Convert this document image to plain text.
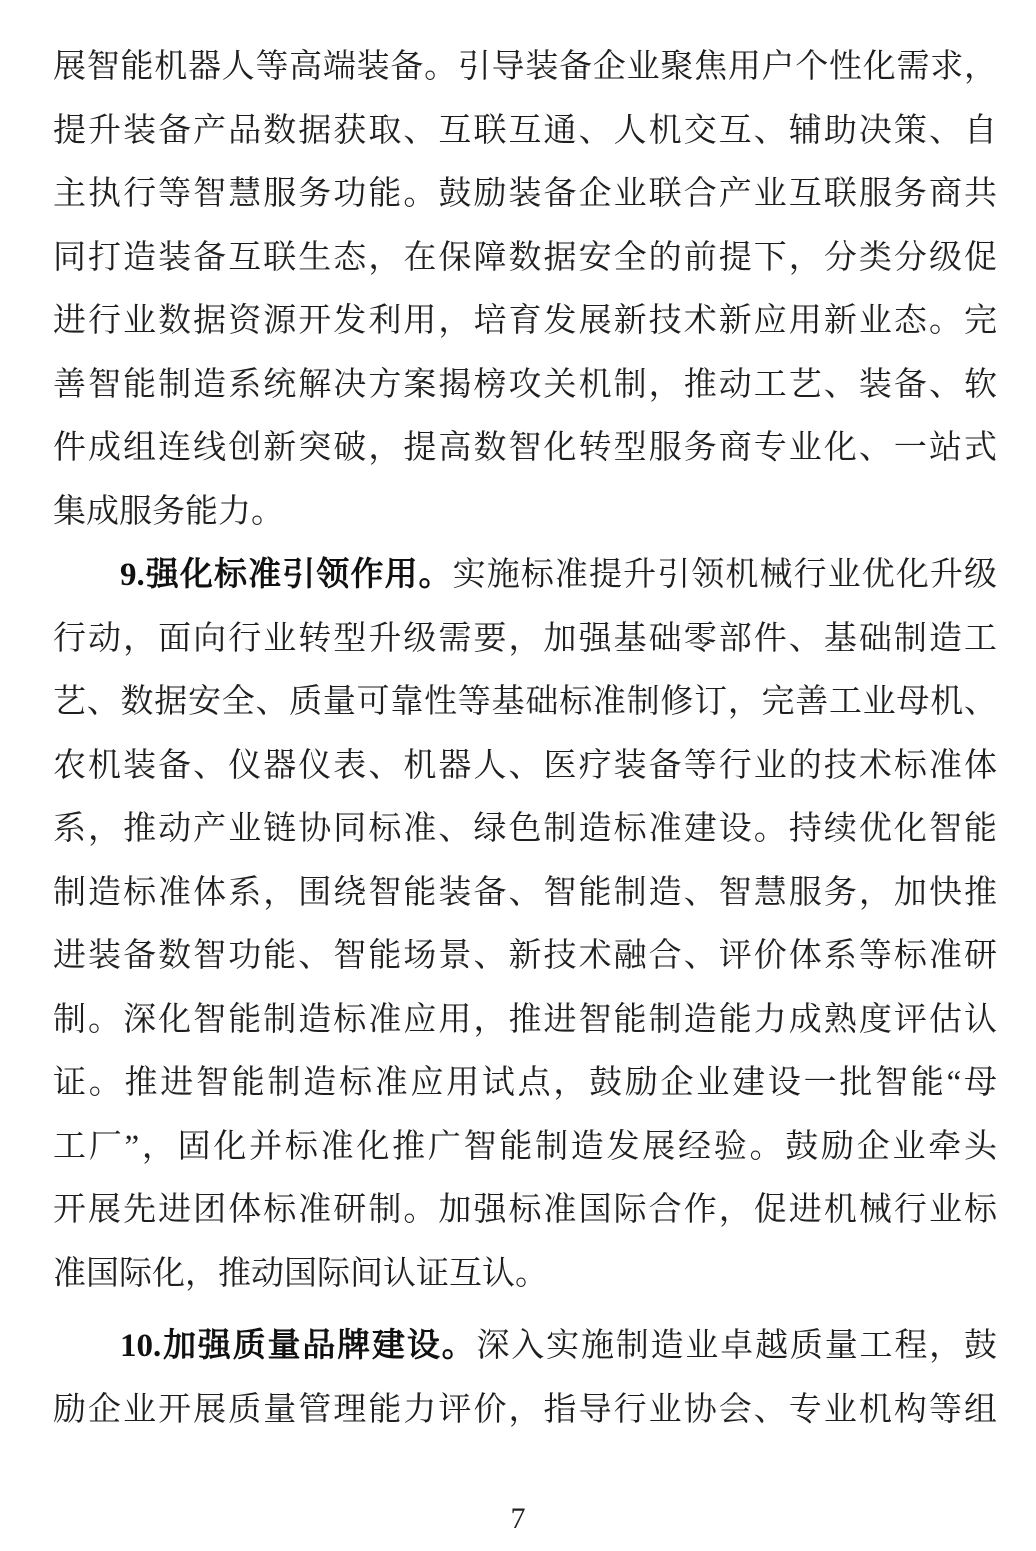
展智能机器人等高端装备。引导装备企业聚焦用户个性化需求，
提升装备产品数据获取、互联互通、人机交互、辅助决策、自
主执行等智慧服务功能。鼓励装备企业联合产业互联服务商共
同打造装备互联生态，在保障数据安全的前提下，分类分级促
进行业数据资源开发利用，培育发展新技术新应用新业态。完
善智能制造系统解决方案揭榜攻关机制，推动工艺、装备、软
件成组连线创新突破，提高数智化转型服务商专业化、一站式
集成服务能力。
9.强化标准引领作用。实施标准提升引领机械行业优化升级
行动，面向行业转型升级需要，加强基础零部件、基础制造工
艺、数据安全、质量可靠性等基础标准制修订，完善工业母机、
农机装备、仪器仪表、机器人、医疗装备等行业的技术标准体
系，推动产业链协同标准、绿色制造标准建设。持续优化智能
制造标准体系，围绕智能装备、智能制造、智慧服务，加快推
进装备数智功能、智能场景、新技术融合、评价体系等标准研
制。深化智能制造标准应用，推进智能制造能力成熟度评估认
证。推进智能制造标准应用试点，鼓励企业建设一批智能“母
工厂”，固化并标准化推广智能制造发展经验。鼓励企业牵头
开展先进团体标准研制。加强标准国际合作，促进机械行业标
准国际化，推动国际间认证互认。
10.加强质量品牌建设。深入实施制造业卓越质量工程，鼓
励企业开展质量管理能力评价，指导行业协会、专业机构等组
7
